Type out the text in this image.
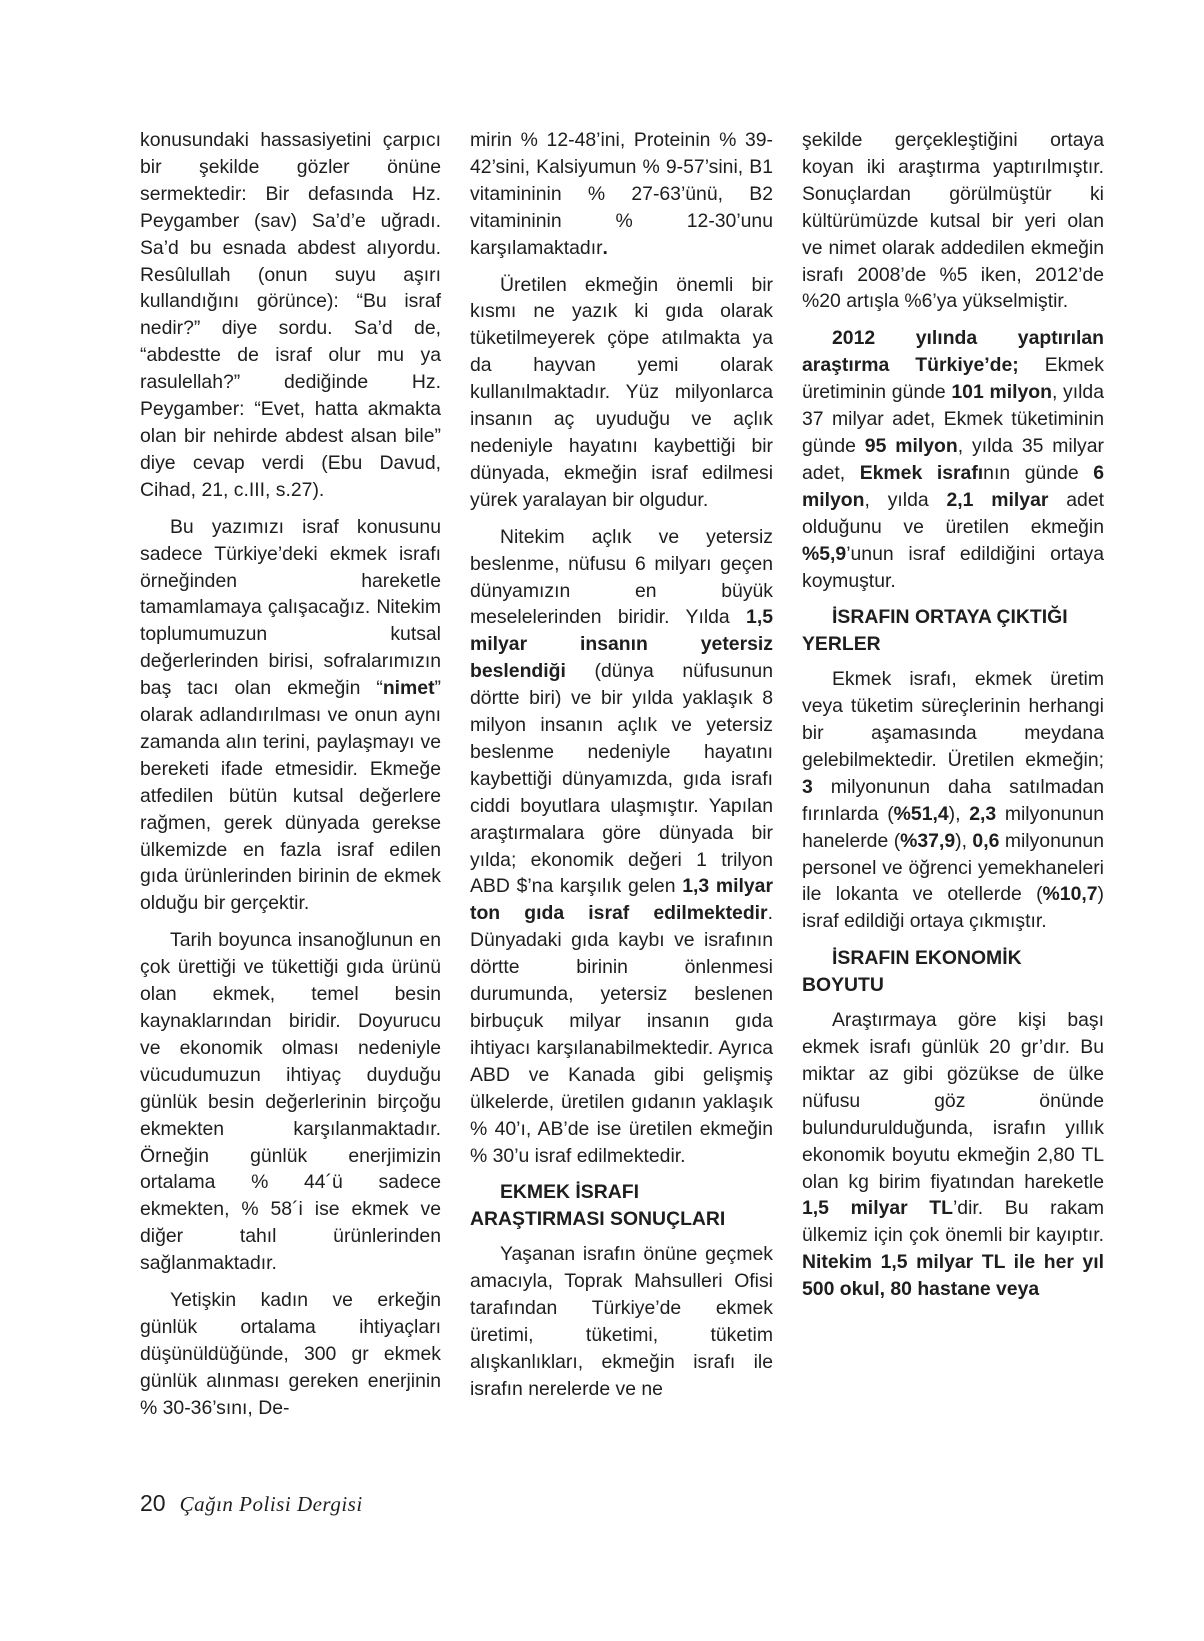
konusundaki hassasiyetini çarpıcı bir şekilde gözler önüne sermektedir: Bir defasında Hz. Peygamber (sav) Sa’d’e uğradı. Sa’d bu esnada abdest alıyordu. Resûlullah (onun suyu aşırı kullandığını görünce): “Bu israf nedir?” diye sordu. Sa’d de, “abdestte de israf olur mu ya rasulellah?” dediğinde Hz. Peygamber: “Evet, hatta akmakta olan bir nehirde abdest alsan bile” diye cevap verdi (Ebu Davud, Cihad, 21, c.III, s.27).

Bu yazımızı israf konusunu sadece Türkiye’deki ekmek israfı örneğinden hareketle tamamlamaya çalışacağız. Nitekim toplumumuzun kutsal değerlerinden birisi, sofralarımızın baş tacı olan ekmeğin “nimet” olarak adlandırılması ve onun aynı zamanda alın terini, paylaşmayı ve bereketi ifade etmesidir. Ekmeğe atfedilen bütün kutsal değerlere rağmen, gerek dünyada gerekse ülkemizde en fazla israf edilen gıda ürünlerinden birinin de ekmek olduğu bir gerçektir.

Tarih boyunca insanoğlunun en çok ürettiği ve tükettiği gıda ürünü olan ekmek, temel besin kaynaklarından biridir. Doyurucu ve ekonomik olması nedeniyle vücudumuzun ihtiyaç duyduğu günlük besin değerlerinin birçoğu ekmekten karşılanmaktadır. Örneğin günlük enerjimizin ortalama % 44´ü sadece ekmekten, % 58´i ise ekmek ve diğer tahıl ürünlerinden sağlanmaktadır.

Yetişkin kadın ve erkeğin günlük ortalama ihtiyaçları düşünüldüğünde, 300 gr ekmek günlük alınması gereken enerjinin % 30-36’sını, De-

mirin % 12-48’ini, Proteinin % 39-42’sini, Kalsiyumun % 9-57’sini, B1 vitamininin % 27-63’ünü, B2 vitamininin % 12-30’unu karşılamaktadır.

Üretilen ekmeğin önemli bir kısmı ne yazık ki gıda olarak tüketilmeyerek çöpe atılmakta ya da hayvan yemi olarak kullanılmaktadır. Yüz milyonlarca insanın aç uyuduğu ve açlık nedeniyle hayatını kaybettiği bir dünyada, ekmeğin israf edilmesi yürek yaralayan bir olgudur.

Nitekim açlık ve yetersiz beslenme, nüfusu 6 milyarı geçen dünyamızın en büyük meselelerinden biridir. Yılda 1,5 milyar insanın yetersiz beslendiği (dünya nüfusunun dörtte biri) ve bir yılda yaklaşık 8 milyon insanın açlık ve yetersiz beslenme nedeniyle hayatını kaybettiği dünyamızda, gıda israfı ciddi boyutlara ulaşmıştır. Yapılan araştırmalara göre dünyada bir yılda; ekonomik değeri 1 trilyon ABD $’na karşılık gelen 1,3 milyar ton gıda israf edilmektedir. Dünyadaki gıda kaybı ve israfının dörtte birinin önlenmesi durumunda, yetersiz beslenen birbuçuk milyar insanın gıda ihtiyacı karşılanabilmektedir. Ayrıca ABD ve Kanada gibi gelişmiş ülkelerde, üretilen gıdanın yaklaşık % 40’ı, AB’de ise üretilen ekmeğin % 30’u israf edilmektedir.

EKMEK İSRAFI ARAŞTIRMASI SONUÇLARI

Yaşanan israfın önüne geçmek amacıyla, Toprak Mahsulleri Ofisi tarafından Türkiye’de ekmek üretimi, tüketimi, tüketim alışkanlıkları, ekmeğin israfı ile israfın nerelerde ve ne

şekilde gerçekleştiğini ortaya koyan iki araştırma yaptırılmıştır. Sonuçlardan görülmüştür ki kültürümüzde kutsal bir yeri olan ve nimet olarak addedilen ekmeğin israfı 2008’de %5 iken, 2012’de %20 artışla %6’ya yükselmiştir.

2012 yılında yaptırılan araştırma Türkiye’de; Ekmek üretiminin günde 101 milyon, yılda 37 milyar adet, Ekmek tüketiminin günde 95 milyon, yılda 35 milyar adet, Ekmek israfının günde 6 milyon, yılda 2,1 milyar adet olduğunu ve üretilen ekmeğin %5,9’unun israf edildiğini ortaya koymuştur.

İSRAFIN ORTAYA ÇIKTIĞI YERLER

Ekmek israfı, ekmek üretim veya tüketim süreçlerinin herhangi bir aşamasında meydana gelebilmektedir. Üretilen ekmeğin; 3 milyonunun daha satılmadan fırınlarda (%51,4), 2,3 milyonunun hanelerde (%37,9), 0,6 milyonunun personel ve öğrenci yemekhaneleri ile lokanta ve otellerde (%10,7) israf edildiği ortaya çıkmıştır.

İSRAFIN EKONOMİK BOYUTU

Araştırmaya göre kişi başı ekmek israfı günlük 20 gr’dır. Bu miktar az gibi gözükse de ülke nüfusu göz önünde bulundurulduğunda, israfın yıllık ekonomik boyutu ekmeğin 2,80 TL olan kg birim fiyatından hareketle 1,5 milyar TL’dir. Bu rakam ülkemiz için çok önemli bir kayıptır. Nitekim 1,5 milyar TL ile her yıl 500 okul, 80 hastane veya

20 Çağın Polisi Dergisi
